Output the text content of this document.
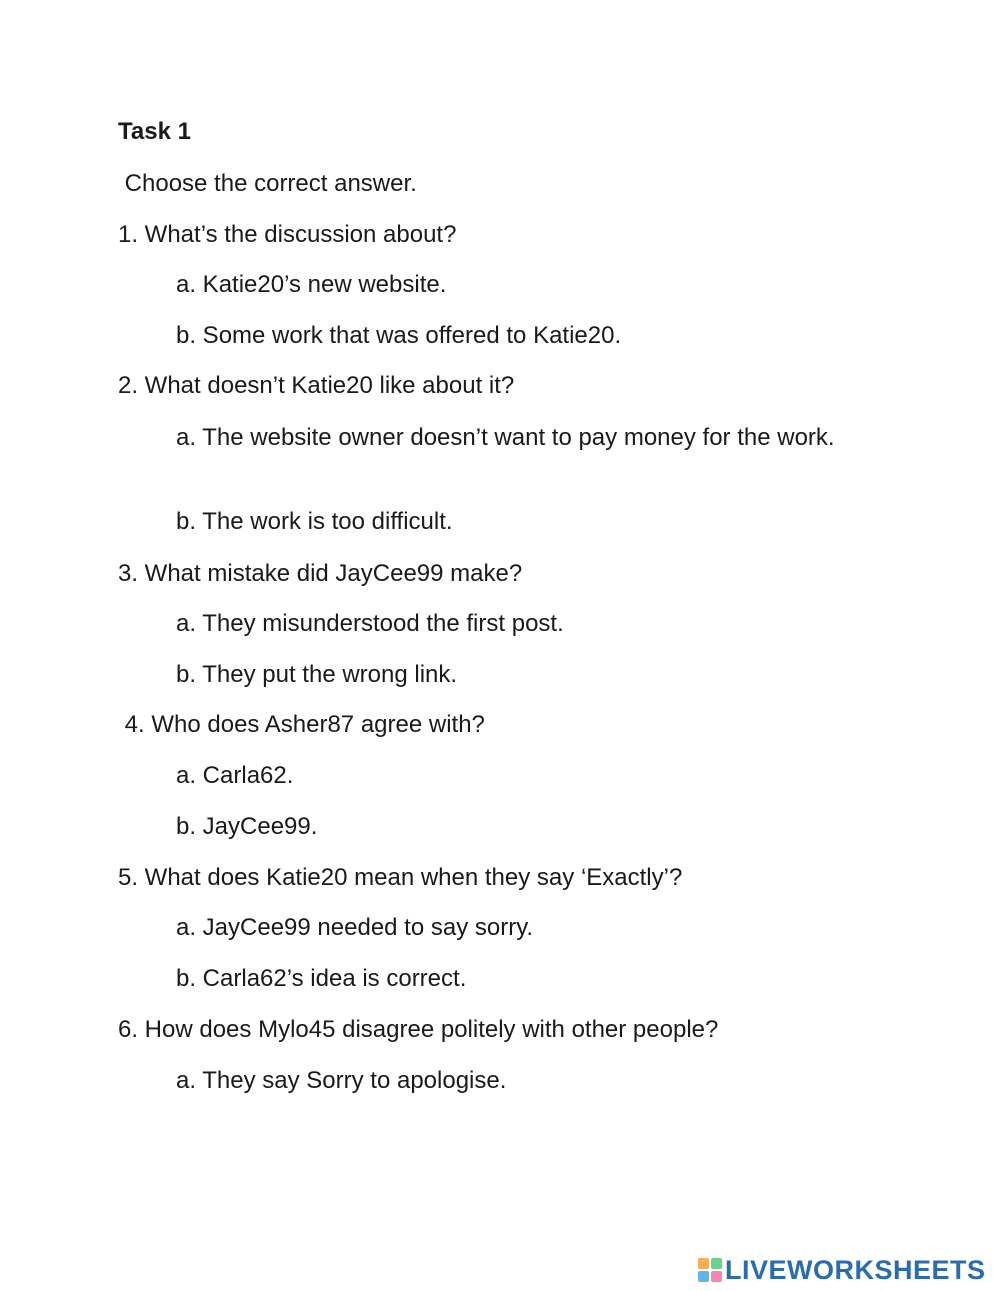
Task 1
Choose the correct answer.
1. What’s the discussion about?
a. Katie20’s new website.
b. Some work that was offered to Katie20.
2. What doesn’t Katie20 like about it?
a. The website owner doesn’t want to pay money for the work.
b. The work is too difficult.
3. What mistake did JayCee99 make?
a. They misunderstood the first post.
b. They put the wrong link.
4. Who does Asher87 agree with?
a. Carla62.
b. JayCee99.
5. What does Katie20 mean when they say ‘Exactly’?
a. JayCee99 needed to say sorry.
b. Carla62’s idea is correct.
6. How does Mylo45 disagree politely with other people?
a. They say Sorry to apologise.
LIVEWORKSHEETS
